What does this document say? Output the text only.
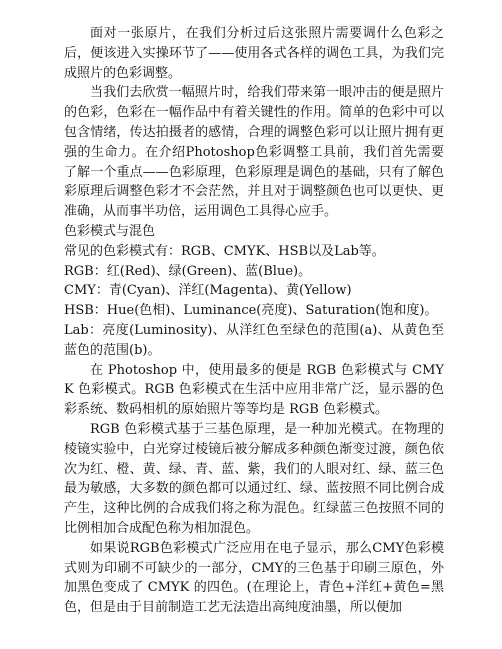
面对一张原片，在我们分析过后这张照片需要调什么色彩之后，便该进入实操环节了——使用各式各样的调色工具，为我们完成照片的色彩调整。

当我们去欣赏一幅照片时，给我们带来第一眼冲击的便是照片的色彩，色彩在一幅作品中有着关键性的作用。简单的色彩中可以包含情绪，传达拍摄者的感情，合理的调整色彩可以让照片拥有更强的生命力。在介绍Photoshop色彩调整工具前，我们首先需要了解一个重点——色彩原理，色彩原理是调色的基础，只有了解色彩原理后调整色彩才不会茫然，并且对于调整颜色也可以更快、更准确，从而事半功倍，运用调色工具得心应手。

色彩模式与混色

常见的色彩模式有：RGB、CMYK、HSB以及Lab等。

RGB：红(Red)、绿(Green)、蓝(Blue)。

CMY：青(Cyan)、洋红(Magenta)、黄(Yellow)

HSB：Hue(色相)、Luminance(亮度)、Saturation(饱和度)。

Lab：亮度(Luminosity)、从洋红色至绿色的范围(a)、从黄色至蓝色的范围(b)。

在 Photoshop 中，使用最多的便是 RGB 色彩模式与 CMYK 色彩模式。RGB 色彩模式在生活中应用非常广泛，显示器的色彩系统、数码相机的原始照片等等均是 RGB 色彩模式。

RGB 色彩模式基于三基色原理，是一种加光模式。在物理的棱镜实验中，白光穿过棱镜后被分解成多种颜色渐变过渡，颜色依次为红、橙、黄、绿、青、蓝、紫，我们的人眼对红、绿、蓝三色最为敏感，大多数的颜色都可以通过红、绿、蓝按照不同比例合成产生，这种比例的合成我们将之称为混色。红绿蓝三色按照不同的比例相加合成配色称为相加混色。

如果说RGB色彩模式广泛应用在电子显示，那么CMY色彩模式则为印刷不可缺少的一部分，CMY的三色基于印刷三原色，外加黑色变成了 CMYK 的四色。(在理论上，青色+洋红+黄色=黑色，但是由于目前制造工艺无法造出高纯度油墨，所以便加
